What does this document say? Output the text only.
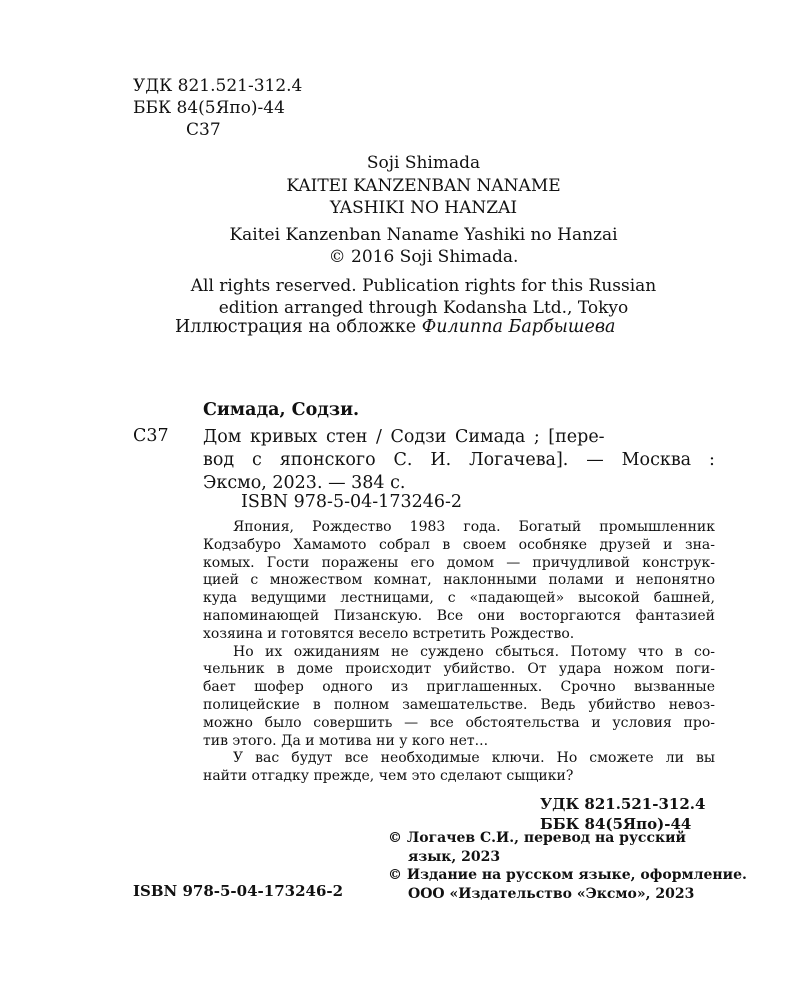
УДК 821.521-312.4
ББК 84(5Япо)-44
С37
Soji Shimada
KAITEI KANZENBAN NANAME
YASHIKI NO HANZAI
Kaitei Kanzenban Naname Yashiki no Hanzai
© 2016 Soji Shimada.
All rights reserved. Publication rights for this Russian
edition arranged through Kodansha Ltd., Tokyo
Иллюстрация на обложке Филиппа Барбышева
Симада, Содзи.
С37 Дом кривых стен / Содзи Симада ; [пере-
вод с японского С. И. Логачева]. — Москва :
Эксмо, 2023. — 384 с.
ISBN 978-5-04-173246-2
Япония, Рождество 1983 года. Богатый промышленник
Кодзабуро Хамамото собрал в своем особняке друзей и зна-
комых. Гости поражены его домом — причудливой конструк-
цией с множеством комнат, наклонными полами и непонятно
куда ведущими лестницами, с «падающей» высокой башней,
напоминающей Пизанскую. Все они восторгаются фантазией
хозяина и готовятся весело встретить Рождество.
Но их ожиданиям не суждено сбыться. Потому что в со-
чельник в доме происходит убийство. От удара ножом поги-
бает шофер одного из приглашенных. Срочно вызванные
полицейские в полном замешательстве. Ведь убийство невоз-
можно было совершить — все обстоятельства и условия про-
тив этого. Да и мотива ни у кого нет...
У вас будут все необходимые ключи. Но сможете ли вы
найти отгадку прежде, чем это сделают сыщики?
УДК 821.521-312.4
ББК 84(5Япо)-44
© Логачев С.И., перевод на русский
язык, 2023
© Издание на русском языке, оформление.
ООО «Издательство «Эксмо», 2023
ISBN 978-5-04-173246-2
